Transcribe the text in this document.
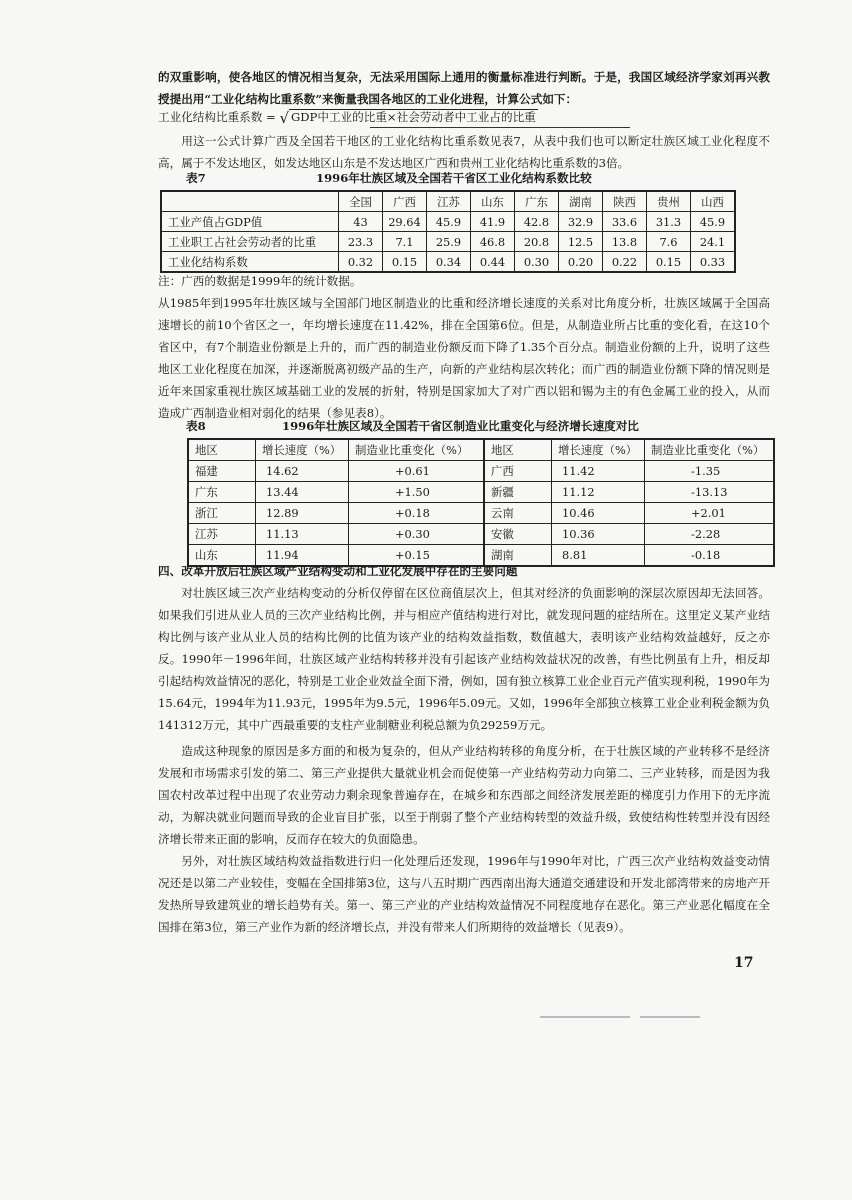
的双重影响，使各地区的情况相当复杂，无法采用国际上通用的衡量标准进行判断。于是，我国区域经济学家刘再兴教授提出用“工业化结构比重系数”来衡量我国各地区的工业化进程，计算公式如下：

工业化结构比重系数 = √ GDP中工业的比重×社会劳动者中工业占的比重

用这一公式计算广西及全国若干地区的工业化结构比重系数见表7，从表中我们也可以断定壮族区域工业化程度不高，属于不发达地区，如发达地区山东是不发达地区广西和贵州工业化结构比重系数的3倍。

表7	1996年壮族区域及全国若干省区工业化结构系数比较
	全国	广西	江苏	山东	广东	湖南	陕西	贵州	山西
工业产值占GDP值	43	29.64	45.9	41.9	42.8	32.9	33.6	31.3	45.9
工业职工占社会劳动者的比重	23.3	7.1	25.9	46.8	20.8	12.5	13.8	7.6	24.1
工业化结构系数	0.32	0.15	0.34	0.44	0.30	0.20	0.22	0.15	0.33
注：广西的数据是1999年的统计数据。

从1985年到1995年壮族区域与全国部门地区制造业的比重和经济增长速度的关系对比角度分析，壮族区域属于全国高速增长的前10个省区之一，年均增长速度在11.42%，排在全国第6位。但是，从制造业所占比重的变化看，在这10个省区中，有7个制造业份额是上升的，而广西的制造业份额反而下降了1.35个百分点。制造业份额的上升，说明了这些地区工业化程度在加深，并逐渐脱离初级产品的生产，向新的产业结构层次转化；而广西的制造业份额下降的情况则是近年来国家重视壮族区域基础工业的发展的折射，特别是国家加大了对广西以铝和锡为主的有色金属工业的投入，从而造成广西制造业相对弱化的结果（参见表8）。

表8	1996年壮族区域及全国若干省区制造业比重变化与经济增长速度对比
地区	增长速度（%）	制造业比重变化（%）	地区	增长速度（%）	制造业比重变化（%）
福建	14.62	+0.61	广西	11.42	-1.35
广东	13.44	+1.50	新疆	11.12	-13.13
浙江	12.89	+0.18	云南	10.46	+2.01
江苏	11.13	+0.30	安徽	10.36	-2.28
山东	11.94	+0.15	湖南	8.81	-0.18
四、改革开放后壮族区域产业结构变动和工业化发展中存在的主要问题

对壮族区域三次产业结构变动的分析仅停留在区位商值层次上，但其对经济的负面影响的深层次原因却无法回答。如果我们引进从业人员的三次产业结构比例，并与相应产值结构进行对比，就发现问题的症结所在。这里定义某产业结构比例与该产业从业人员的结构比例的比值为该产业的结构效益指数，数值越大，表明该产业结构效益越好，反之亦反。1990年－1996年间，壮族区域产业结构转移并没有引起该产业结构效益状况的改善，有些比例虽有上升，相反却引起结构效益情况的恶化，特别是工业企业效益全面下滑，例如，国有独立核算工业企业百元产值实现利税，1990年为15.64元，1994年为11.93元，1995年为9.5元，1996年5.09元。又如，1996年全部独立核算工业企业利税金额为负141312万元，其中广西最重要的支柱产业制糖业利税总额为负29259万元。

造成这种现象的原因是多方面的和极为复杂的，但从产业结构转移的角度分析，在于壮族区域的产业转移不是经济发展和市场需求引发的第二、第三产业提供大量就业机会而促使第一产业结构劳动力向第二、三产业转移，而是因为我国农村改革过程中出现了农业劳动力剩余现象普遍存在，在城乡和东西部之间经济发展差距的梯度引力作用下的无序流动，为解决就业问题而导致的企业盲目扩张，以至于削弱了整个产业结构转型的效益升级，致使结构性转型并没有因经济增长带来正面的影响，反而存在较大的负面隐患。

另外，对壮族区域结构效益指数进行归一化处理后还发现，1996年与1990年对比，广西三次产业结构效益变动情况还是以第二产业较佳，变幅在全国排第3位，这与八五时期广西西南出海大通道交通建设和开发北部湾带来的房地产开发热所导致建筑业的增长趋势有关。第一、第三产业的产业结构效益情况不同程度地存在恶化。第三产业恶化幅度在全国排在第3位，第三产业作为新的经济增长点，并没有带来人们所期待的效益增长（见表9）。

17
